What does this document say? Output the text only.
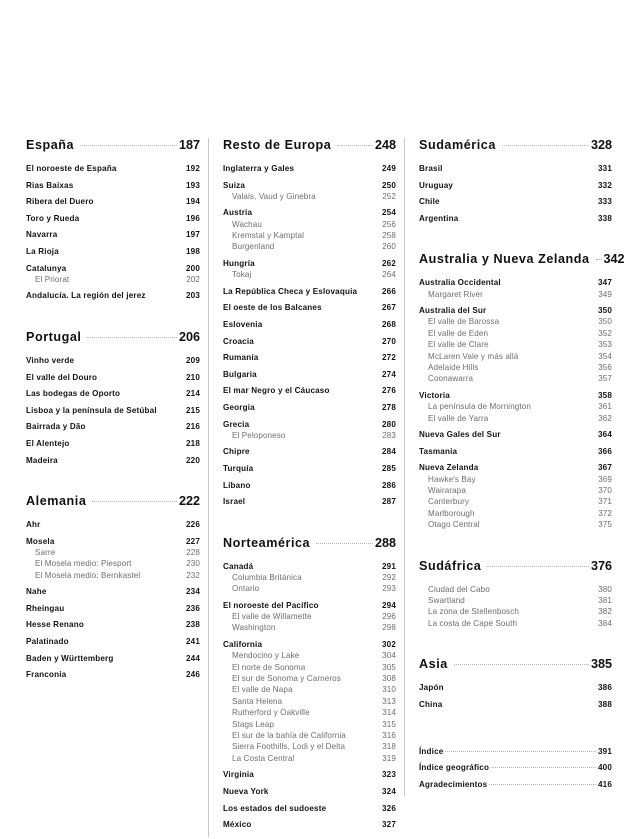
España	187
El noroeste de España	192
Rias Baixas	193
Ribera del Duero	194
Toro y Rueda	196
Navarra	197
La Rioja	198
Catalunya	200
El Priorat	202
Andalucía. La región del jerez	203
Portugal	206
Vinho verde	209
El valle del Douro	210
Las bodegas de Oporto	214
Lisboa y la península de Setúbal	215
Bairrada y Dão	216
El Alentejo	218
Madeira	220
Alemania	222
Ahr	226
Mosela	227
Sarre	228
El Mosela medio: Piesport	230
El Mosela medio: Bernkastel	232
Nahe	234
Rheingau	236
Hesse Renano	238
Palatinado	241
Baden y Württemberg	244
Franconia	246
Resto de Europa	248
Inglaterra y Gales	249
Suiza	250
Valais, Vaud y Ginebra	252
Austria	254
Wachau	256
Kremstal y Kamptal	258
Burgenland	260
Hungría	262
Tokaj	264
La República Checa y Eslovaquia	266
El oeste de los Balcanes	267
Eslovenia	268
Croacia	270
Rumanía	272
Bulgaria	274
El mar Negro y el Cáucaso	276
Georgia	278
Grecia	280
El Peloponeso	283
Chipre	284
Turquía	285
Líbano	286
Israel	287
Norteamérica	288
Canadá	291
Columbia Británica	292
Ontario	293
El noroeste del Pacífico	294
El valle de Willamette	296
Washington	298
California	302
Mendocino y Lake	304
El norte de Sonoma	305
El sur de Sonoma y Carneros	308
El valle de Napa	310
Santa Helena	313
Rutherford y Oakville	314
Stags Leap	315
El sur de la bahía de California	316
Sierra Foothills, Lodi y el Delta	318
La Costa Central	319
Virginia	323
Nueva York	324
Los estados del sudoeste	326
México	327
Sudamérica	328
Brasil	331
Uruguay	332
Chile	333
Argentina	338
Australia y Nueva Zelanda	342
Australia Occidental	347
Margaret River	349
Australia del Sur	350
El valle de Barossa	350
El valle de Eden	352
El valle de Clare	353
McLaren Vale y más allá	354
Adelaide Hills	356
Coonawarra	357
Victoria	358
La península de Mornington	361
El valle de Yarra	362
Nueva Gales del Sur	364
Tasmania	366
Nueva Zelanda	367
Hawke's Bay	369
Wairarapa	370
Canterbury	371
Marlborough	372
Otago Central	375
Sudáfrica	376
Ciudad del Cabo	380
Swartland	381
La zona de Stellenbosch	382
La costa de Cape South	384
Asia	385
Japón	386
China	388
Índice	391
Índice geográfico	400
Agradecimientos	416
